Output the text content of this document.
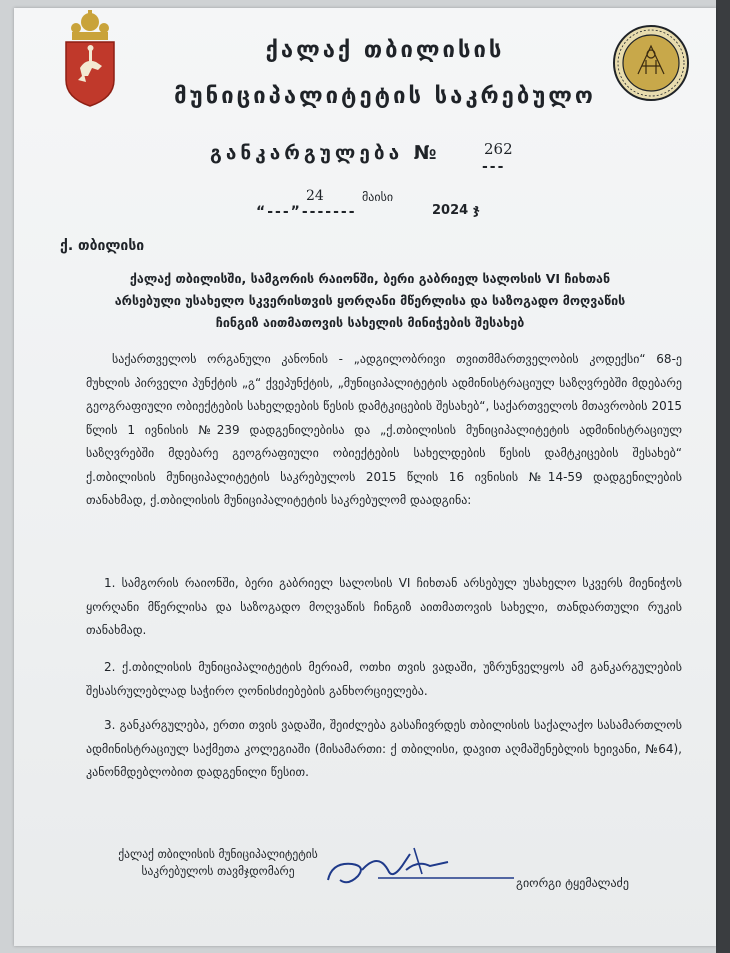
ქალაქ თბილისის
მუნიციპალიტეტის საკრებულო
განკარგულება №	262
---
24	მაისი
“---”-------	2024 ჯ
ქ. თბილისი
ქალაქ თბილისში, სამგორის რაიონში, ბერი გაბრიელ სალოსის VI ჩიხთან არსებული უსახელო სკვერისთვის ყორღანი მწერლისა და საზოგადო მოღვაწის ჩინგიზ აითმათოვის სახელის მინიჭების შესახებ
საქართველოს ორგანული კანონის - „ადგილობრივი თვითმმართველობის კოდექსი“ 68-ე მუხლის პირველი პუნქტის „გ“ ქვეპუნქტის, „მუნიციპალიტეტის ადმინისტრაციულ საზღვრებში მდებარე გეოგრაფიული ობიექტების სახელდების წესის დამტკიცების შესახებ“, საქართველოს მთავრობის 2015 წლის 1 ივნისის №239 დადგენილებისა და „ქ.თბილისის მუნიციპალიტეტის ადმინისტრაციულ საზღვრებში მდებარე გეოგრაფიული ობიექტების სახელდების წესის დამტკიცების შესახებ“ ქ.თბილისის მუნიციპალიტეტის საკრებულოს 2015 წლის 16 ივნისის №14-59 დადგენილების თანახმად, ქ.თბილისის მუნიციპალიტეტის საკრებულომ დაადგინა:
1. სამგორის რაიონში, ბერი გაბრიელ სალოსის VI ჩიხთან არსებულ უსახელო სკვერს მიენიჭოს ყორღანი მწერლისა და საზოგადო მოღვაწის ჩინგიზ აითმათოვის სახელი, თანდართული რუკის თანახმად.
2. ქ.თბილისის მუნიციპალიტეტის მერიამ, ოთხი თვის ვადაში, უზრუნველყოს ამ განკარგულების შესასრულებლად საჭირო ღონისძიებების განხორციელება.
3. განკარგულება, ერთი თვის ვადაში, შეიძლება გასაჩივრდეს თბილისის საქალაქო სასამართლოს ადმინისტრაციულ საქმეთა კოლეგიაში (მისამართი: ქ თბილისი, დავით აღმაშენებლის ხეივანი, №64), კანონმდებლობით დადგენილი წესით.
ქალაქ თბილისის მუნიციპალიტეტის
საკრებულოს თავმჯდომარე
გიორგი ტყემალაძე
